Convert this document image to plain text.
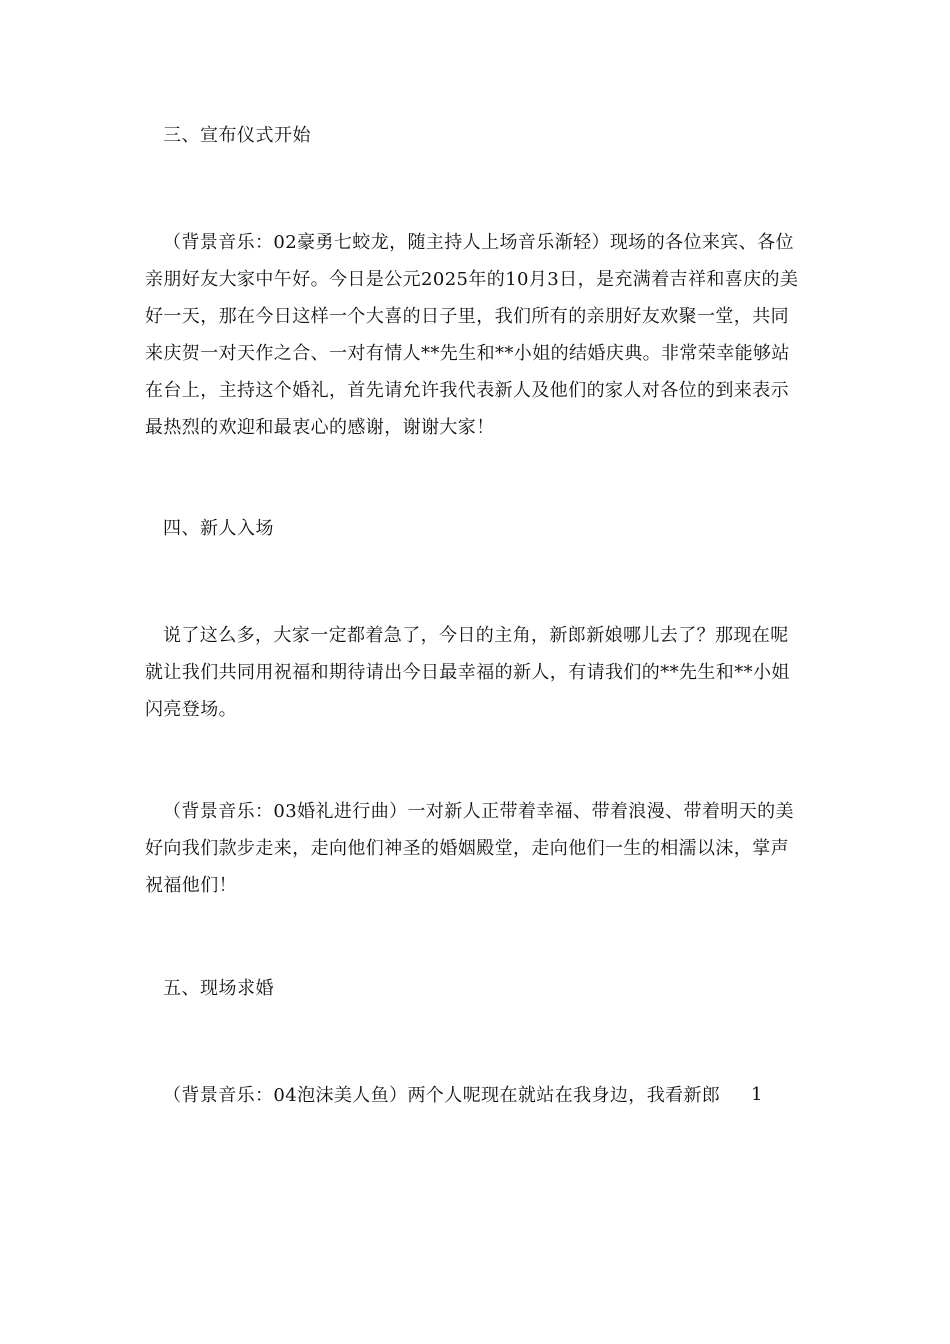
三、宣布仪式开始

（背景音乐：02豪勇七蛟龙，随主持人上场音乐渐轻）现场的各位来宾、各位亲朋好友大家中午好。今日是公元2025年的10月3日，是充满着吉祥和喜庆的美好一天，那在今日这样一个大喜的日子里，我们所有的亲朋好友欢聚一堂，共同来庆贺一对天作之合、一对有情人**先生和**小姐的结婚庆典。非常荣幸能够站在台上，主持这个婚礼，首先请允许我代表新人及他们的家人对各位的到来表示最热烈的欢迎和最衷心的感谢，谢谢大家！

四、新人入场

说了这么多，大家一定都着急了，今日的主角，新郎新娘哪儿去了？那现在呢就让我们共同用祝福和期待请出今日最幸福的新人，有请我们的**先生和**小姐闪亮登场。

（背景音乐：03婚礼进行曲）一对新人正带着幸福、带着浪漫、带着明天的美好向我们款步走来，走向他们神圣的婚姻殿堂，走向他们一生的相濡以沫，掌声祝福他们！

五、现场求婚

（背景音乐：04泡沫美人鱼）两个人呢现在就站在我身边，我看新郎	1
